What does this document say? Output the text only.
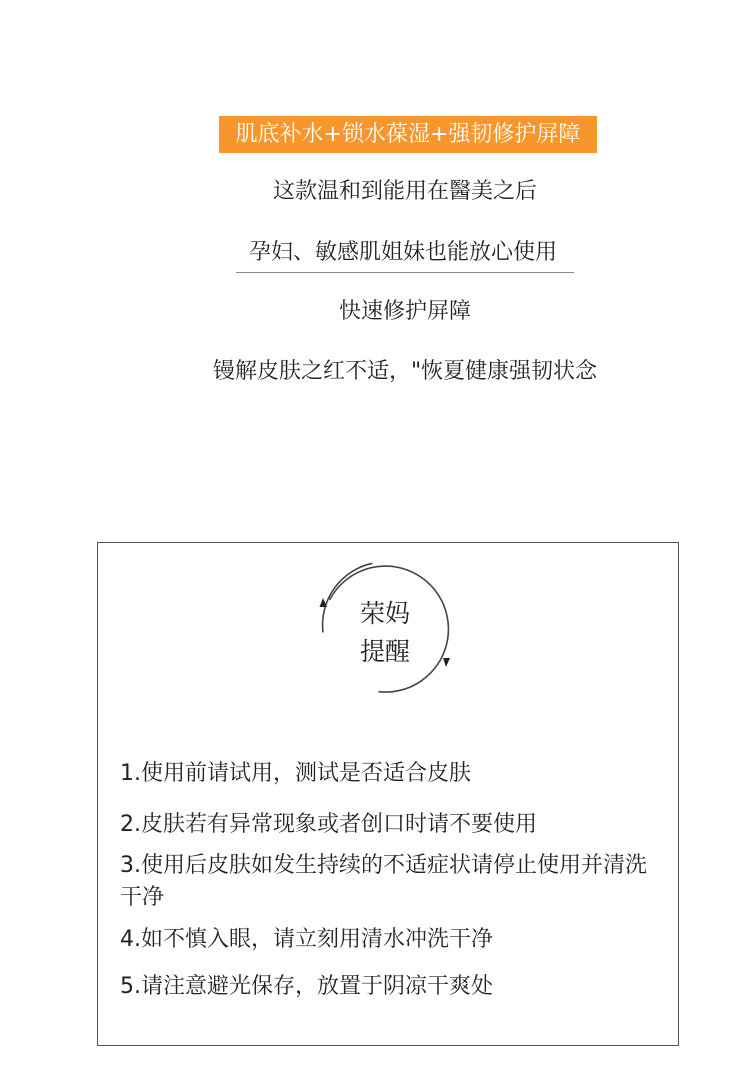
肌底补水+锁水葆湿+强韧修护屏障
这款温和到能用在醫美之后
孕妇、敏感肌姐妹也能放心使用
快速修护屏障
镘解皮肤之红不适，"恢夏健康强韧状念
荣妈
提醒
1.使用前请试用，测试是否适合皮肤
2.皮肤若有异常现象或者创口时请不要使用
3.使用后皮肤如发生持续的不适症状请停止使用并清洗干净
4.如不慎入眼，请立刻用清水冲洗干净
5.请注意避光保存，放置于阴凉干爽处
